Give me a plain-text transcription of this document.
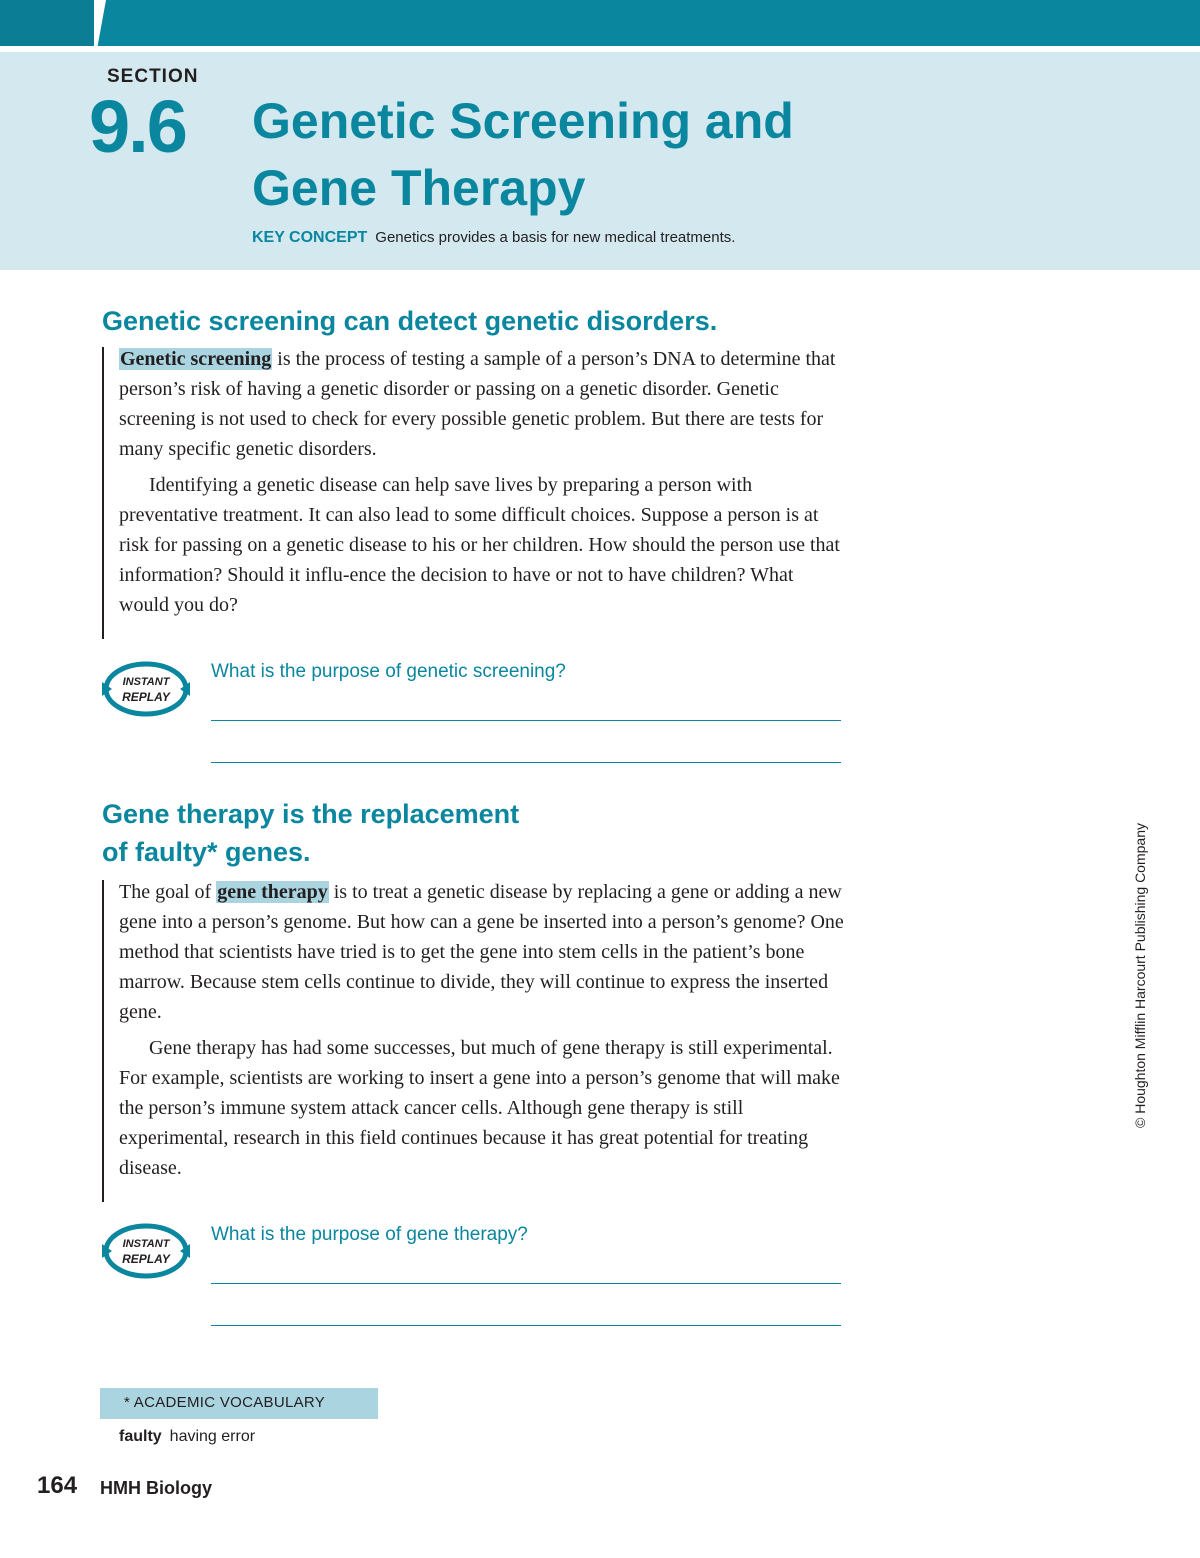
SECTION
9.6 Genetic Screening and
Gene Therapy
KEY CONCEPT Genetics provides a basis for new medical treatments.
Genetic screening can detect genetic disorders.

Genetic screening is the process of testing a sample of a person’s DNA to determine that person’s risk of having a genetic disorder or passing on a genetic disorder. Genetic screening is not used to check for every possible genetic problem. But there are tests for many specific genetic disorders.

Identifying a genetic disease can help save lives by preparing a person with preventative treatment. It can also lead to some difficult choices. Suppose a person is at risk for passing on a genetic disease to his or her children. How should the person use that information? Should it influ-ence the decision to have or not to have children? What would you do?

INSTANT
REPLAY
What is the purpose of genetic screening?
Gene therapy is the replacement
of faulty* genes.

The goal of gene therapy is to treat a genetic disease by replacing a gene or adding a new gene into a person’s genome. But how can a gene be inserted into a person’s genome? One method that scientists have tried is to get the gene into stem cells in the patient’s bone marrow. Because stem cells continue to divide, they will continue to express the inserted gene.

Gene therapy has had some successes, but much of gene therapy is still experimental. For example, scientists are working to insert a gene into a person’s genome that will make the person’s immune system attack cancer cells. Although gene therapy is still experimental, research in this field continues because it has great potential for treating disease.

INSTANT
REPLAY
What is the purpose of gene therapy?
© Houghton Mifflin Harcourt Publishing Company
* ACADEMIC VOCABULARY
faulty having error
164 HMH Biology
